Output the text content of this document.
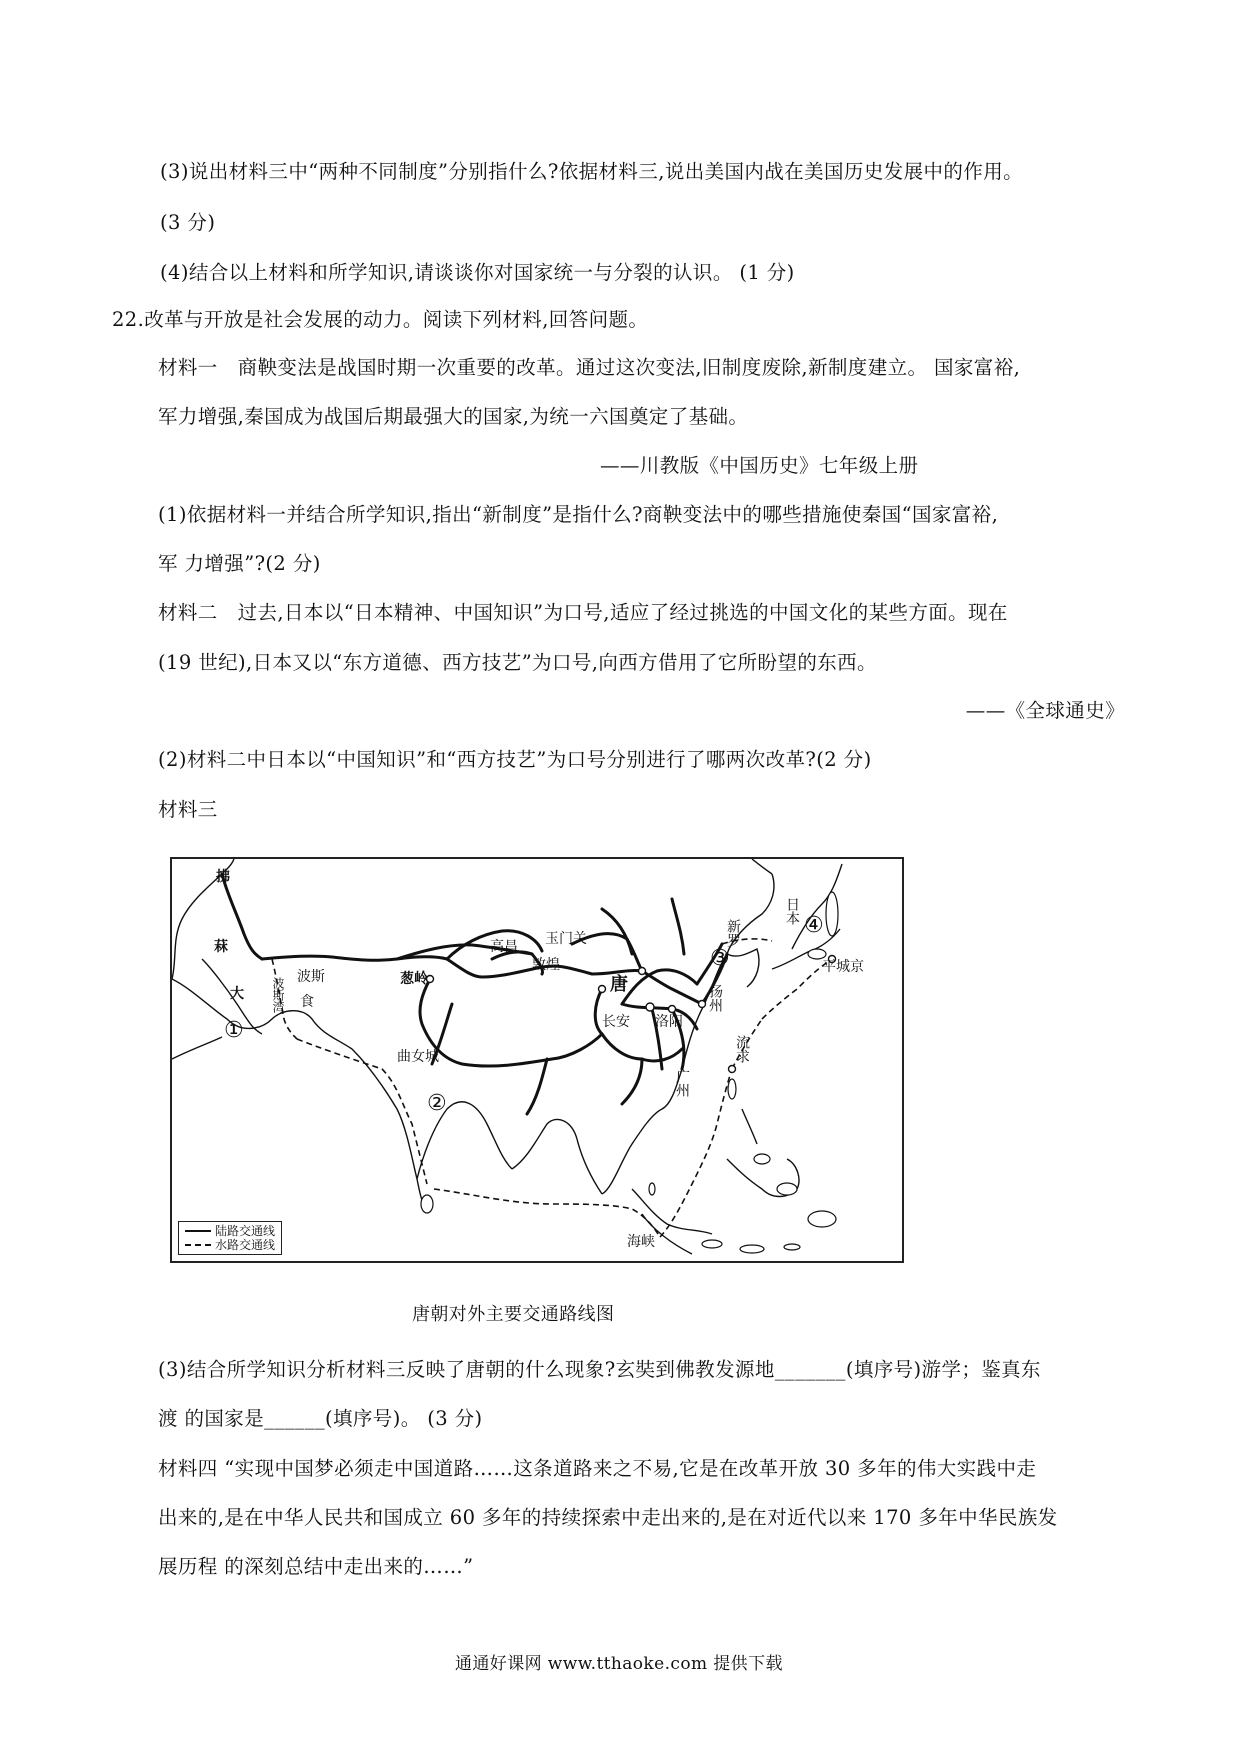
(3)说出材料三中“两种不同制度”分别指什么?依据材料三,说出美国内战在美国历史发展中的作用。
(3 分)
(4)结合以上材料和所学知识,请谈谈你对国家统一与分裂的认识。 (1 分)
22.改革与开放是社会发展的动力。阅读下列材料,回答问题。
材料一　商鞅变法是战国时期一次重要的改革。通过这次变法,旧制度废除,新制度建立。 国家富裕,
军力增强,秦国成为战国后期最强大的国家,为统一六国奠定了基础。
——川教版《中国历史》七年级上册
(1)依据材料一并结合所学知识,指出“新制度”是指什么?商鞅变法中的哪些措施使秦国“国家富裕,
军 力增强”?(2 分)
材料二　过去,日本以“日本精神、中国知识”为口号,适应了经过挑选的中国文化的某些方面。现在
(19 世纪),日本又以“东方道德、西方技艺”为口号,向西方借用了它所盼望的东西。
——《全球通史》
(2)材料二中日本以“中国知识”和“西方技艺”为口号分别进行了哪两次改革?(2 分)
材料三
拂
菻
大
①
波斯
食
波斯湾	葱岭
高昌 玉门关
敦煌
唐
长安 洛阳
扬州
广州
流求
新罗
③
日本
④
平城京
曲女城
②
海峡
陆路交通线
水路交通线
唐朝对外主要交通路线图
(3)结合所学知识分析材料三反映了唐朝的什么现象?玄奘到佛教发源地_______(填序号)游学；鉴真东
渡 的国家是______(填序号)。 (3 分)
材料四 “实现中国梦必须走中国道路……这条道路来之不易,它是在改革开放 30 多年的伟大实践中走
出来的,是在中华人民共和国成立 60 多年的持续探索中走出来的,是在对近代以来 170 多年中华民族发
展历程 的深刻总结中走出来的……”
通通好课网 www.tthaoke.com 提供下载
